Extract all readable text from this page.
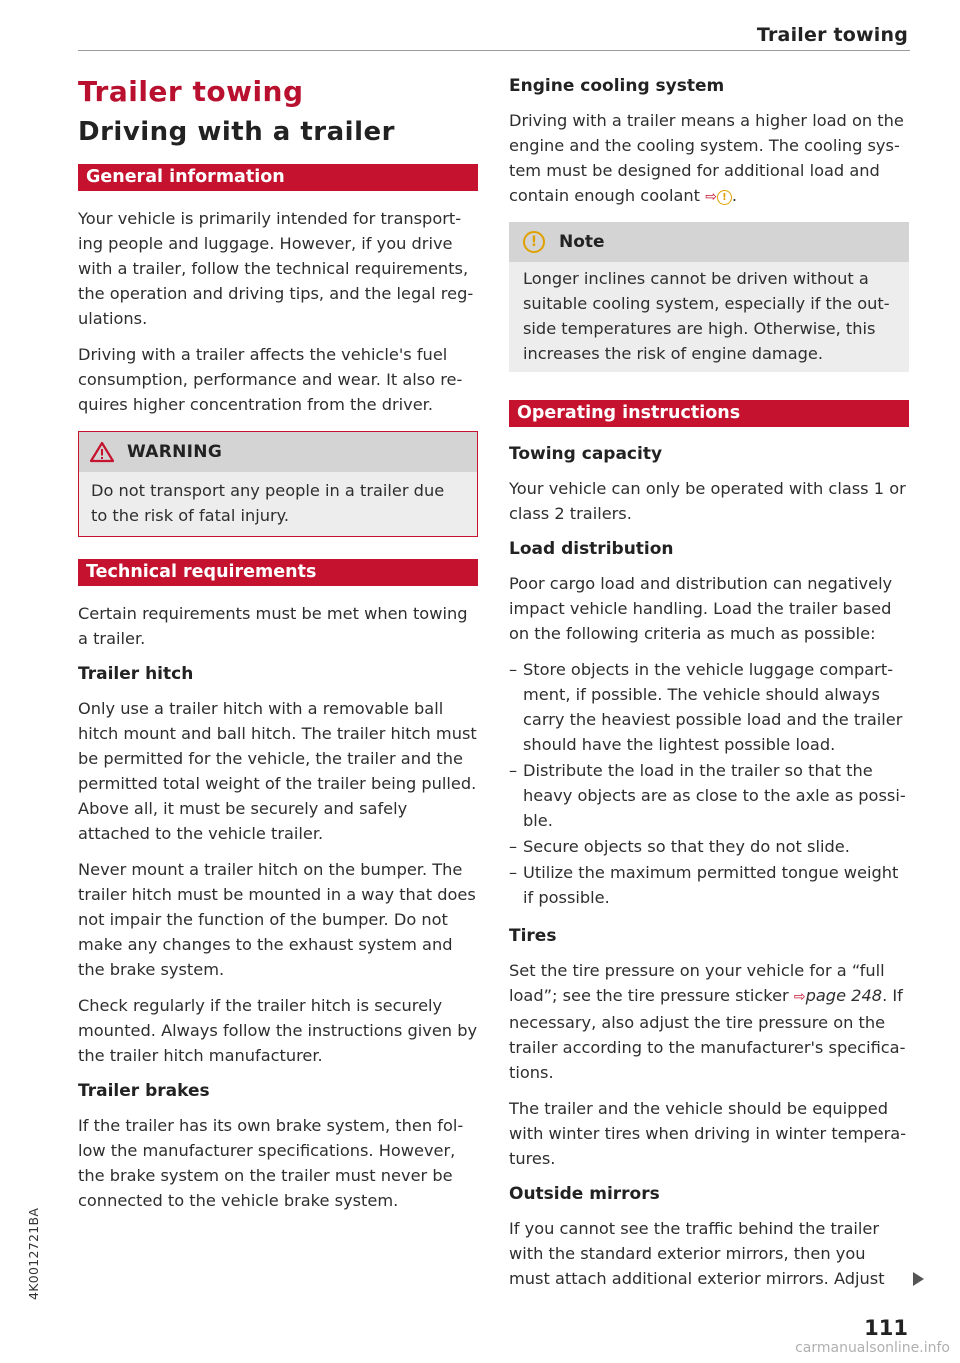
Trailer towing
Trailer towing
Driving with a trailer
General information

Your vehicle is primarily intended for transporting people and luggage. However, if you drive with a trailer, follow the technical requirements, the operation and driving tips, and the legal regulations.

Driving with a trailer affects the vehicle's fuel consumption, performance and wear. It also requires higher concentration from the driver.

WARNING
Do not transport any people in a trailer due to the risk of fatal injury.
Technical requirements

Certain requirements must be met when towing a trailer.

Trailer hitch

Only use a trailer hitch with a removable ball hitch mount and ball hitch. The trailer hitch must be permitted for the vehicle, the trailer and the permitted total weight of the trailer being pulled. Above all, it must be securely and safely attached to the vehicle trailer.

Never mount a trailer hitch on the bumper. The trailer hitch must be mounted in a way that does not impair the function of the bumper. Do not make any changes to the exhaust system and the brake system.

Check regularly if the trailer hitch is securely mounted. Always follow the instructions given by the trailer hitch manufacturer.

Trailer brakes

If the trailer has its own brake system, then follow the manufacturer specifications. However, the brake system on the trailer must never be connected to the vehicle brake system.

Engine cooling system

Driving with a trailer means a higher load on the engine and the cooling system. The cooling system must be designed for additional load and contain enough coolant ⇨ ! .

!	Note
Longer inclines cannot be driven without a suitable cooling system, especially if the outside temperatures are high. Otherwise, this increases the risk of engine damage.
Operating instructions
Towing capacity

Your vehicle can only be operated with class 1 or class 2 trailers.

Load distribution

Poor cargo load and distribution can negatively impact vehicle handling. Load the trailer based on the following criteria as much as possible:

– Store objects in the vehicle luggage compartment, if possible. The vehicle should always carry the heaviest possible load and the trailer should have the lightest possible load.
– Distribute the load in the trailer so that the heavy objects are as close to the axle as possible.
– Secure objects so that they do not slide.
– Utilize the maximum permitted tongue weight if possible.
Tires

Set the tire pressure on your vehicle for a “full load”; see the tire pressure sticker ⇨page 248. If necessary, also adjust the tire pressure on the trailer according to the manufacturer's specifications.

The trailer and the vehicle should be equipped with winter tires when driving in winter temperatures.

Outside mirrors

If you cannot see the traffic behind the trailer with the standard exterior mirrors, then you must attach additional exterior mirrors. Adjust

111
4K0012721BA
carmanualsonline.info
